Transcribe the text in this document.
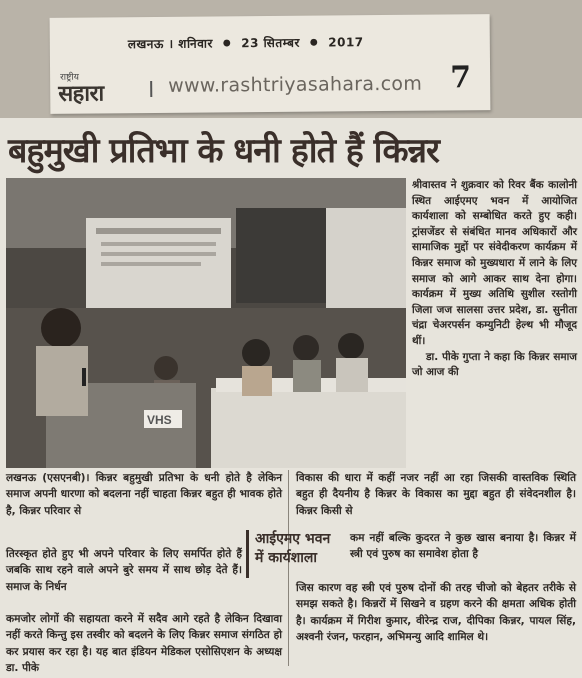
लखनऊ । शनिवार ● 23 सितम्बर ● 2017
राष्ट्रीय
सहारा	www.rashtriyasahara.com 7
बहुमुखी प्रतिभा के धनी होते हैं किन्नर
VHS
श्रीवास्तव ने शुक्रवार को रिवर बैंक कालोनी स्थित आईएमए भवन में आयोजित कार्यशाला को सम्बोधित करते हुए कही। ट्रांसजेंडर से संबंधित मानव अधिकारों और सामाजिक मुद्दों पर संवेदीकरण कार्यक्रम में किन्नर समाज को मुख्यधारा में लाने के लिए समाज को आगे आकर साथ देना होगा। कार्यक्रम में मुख्य अतिथि सुशील रस्तोगी जिला जज सालसा उत्तर प्रदेश, डा. सुनीता चंद्रा चेअरपर्सन कम्युनिटी हेल्थ भी मौजूद थीं।
डा. पीके गुप्ता ने कहा कि किन्नर समाज जो आज की
लखनऊ (एसएनबी)। किन्नर बहुमुखी प्रतिभा के धनी होते है लेकिन समाज अपनी धारणा को बदलना नहीं चाहता किन्नर बहुत ही भावक होते है, किन्नर परिवार से
तिरस्कृत होते हुए भी अपने परिवार के लिए समर्पित होते हैं जबकि साथ रहने वाले अपने बुरे समय में साथ छोड़ देते हैं। समाज के निर्धन
कमजोर लोगों की सहायता करने में सदैव आगे रहते है लेकिन दिखावा नहीं करते किन्तु इस तस्वीर को बदलने के लिए किन्नर समाज संगठित हो कर प्रयास कर रहा है। यह बात इंडियन मेडिकल एसोसिएशन के अध्यक्ष डा. पीके
आईएमए भवन
में कार्यशाला
विकास की धारा में कहीं नजर नहीं आ रहा जिसकी वास्तविक स्थिति बहुत ही दैयनीय है किन्नर के विकास का मुद्दा बहुत ही संवेदनशील है। किन्नर किसी से
कम नहीं बल्कि कुदरत ने कुछ खास बनाया है। किन्नर में स्त्री एवं पुरुष का समावेश होता है
जिस कारण वह स्त्री एवं पुरुष दोनों की तरह चीजो को बेहतर तरीके से समझ सकते है। किन्नरों में सिखने व ग्रहण करने की क्षमता अधिक होती है। कार्यक्रम में गिरीश कुमार, वीरेन्द्र राज, दीपिका किन्नर, पायल सिंह, अश्वनी रंजन, फरहान, अभिमन्यु आदि शामिल थे।
